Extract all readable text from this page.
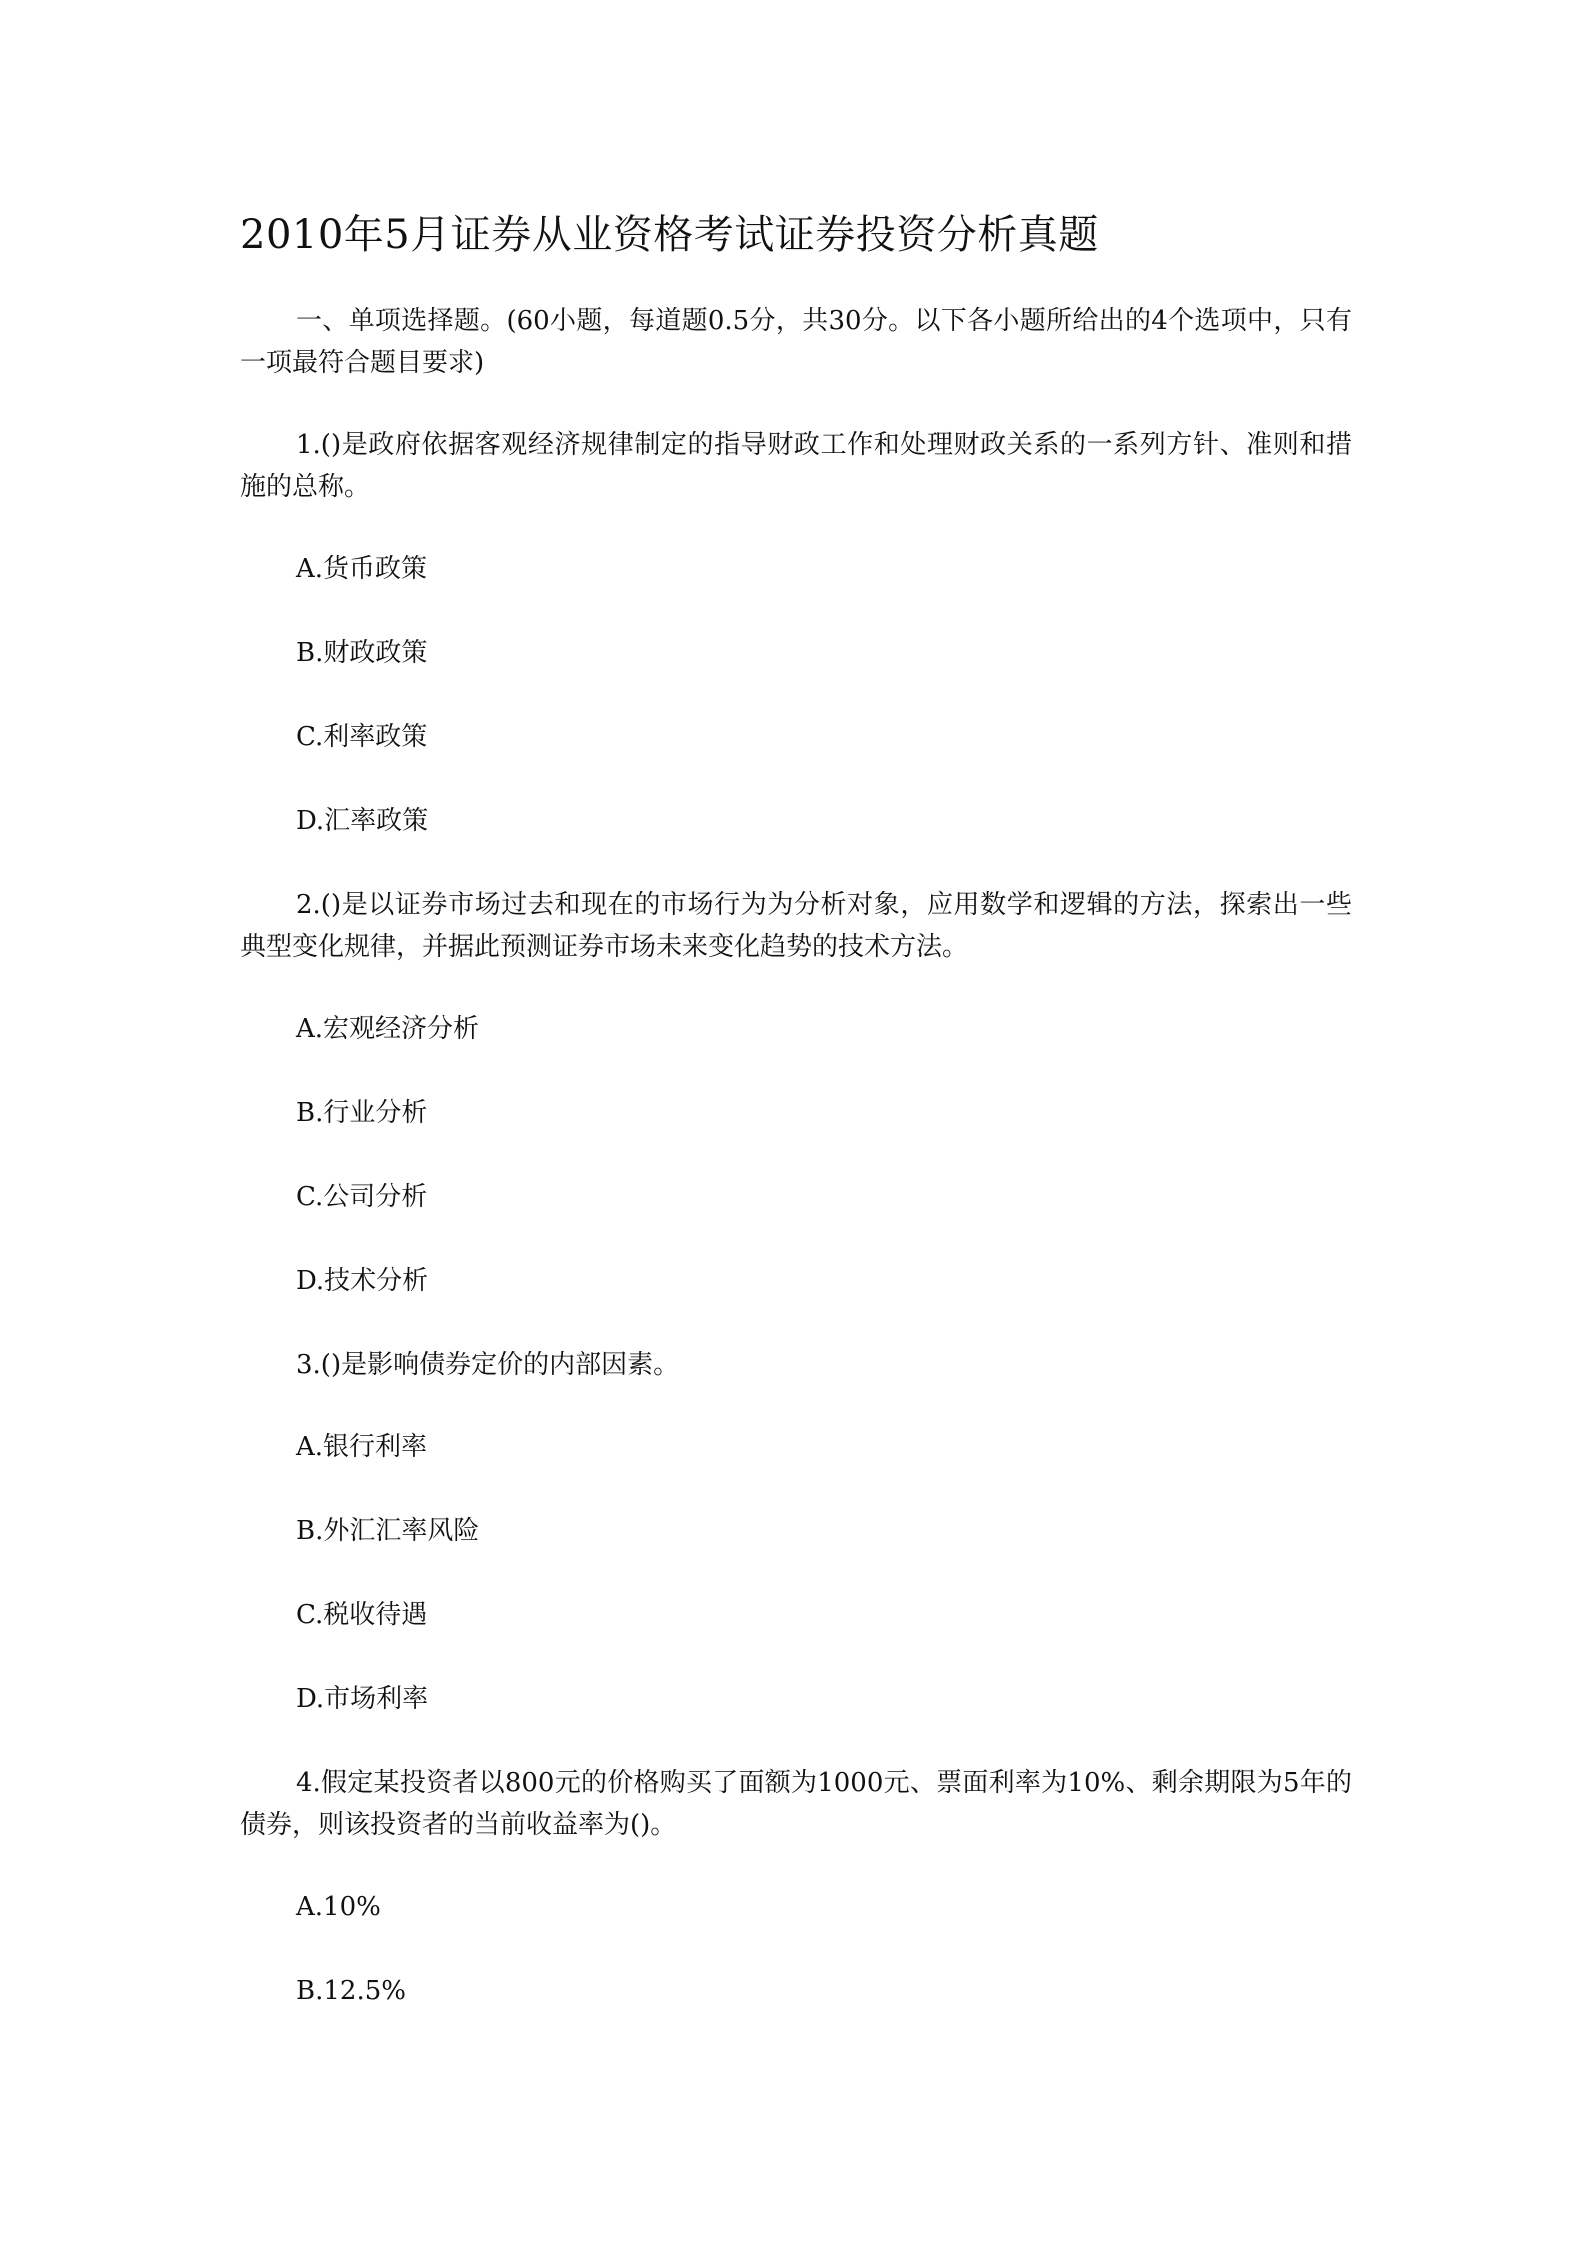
2010年5月证券从业资格考试证券投资分析真题

一、单项选择题。(60小题，每道题0.5分，共30分。以下各小题所给出的4个选项中，只有一项最符合题目要求)

1.()是政府依据客观经济规律制定的指导财政工作和处理财政关系的一系列方针、准则和措施的总称。

A.货币政策
B.财政政策
C.利率政策
D.汇率政策

2.()是以证券市场过去和现在的市场行为为分析对象，应用数学和逻辑的方法，探索出一些典型变化规律，并据此预测证券市场未来变化趋势的技术方法。

A.宏观经济分析
B.行业分析
C.公司分析
D.技术分析

3.()是影响债券定价的内部因素。

A.银行利率
B.外汇汇率风险
C.税收待遇
D.市场利率

4.假定某投资者以800元的价格购买了面额为1000元、票面利率为10%、剩余期限为5年的债券，则该投资者的当前收益率为()。

A.10%
B.12.5%
